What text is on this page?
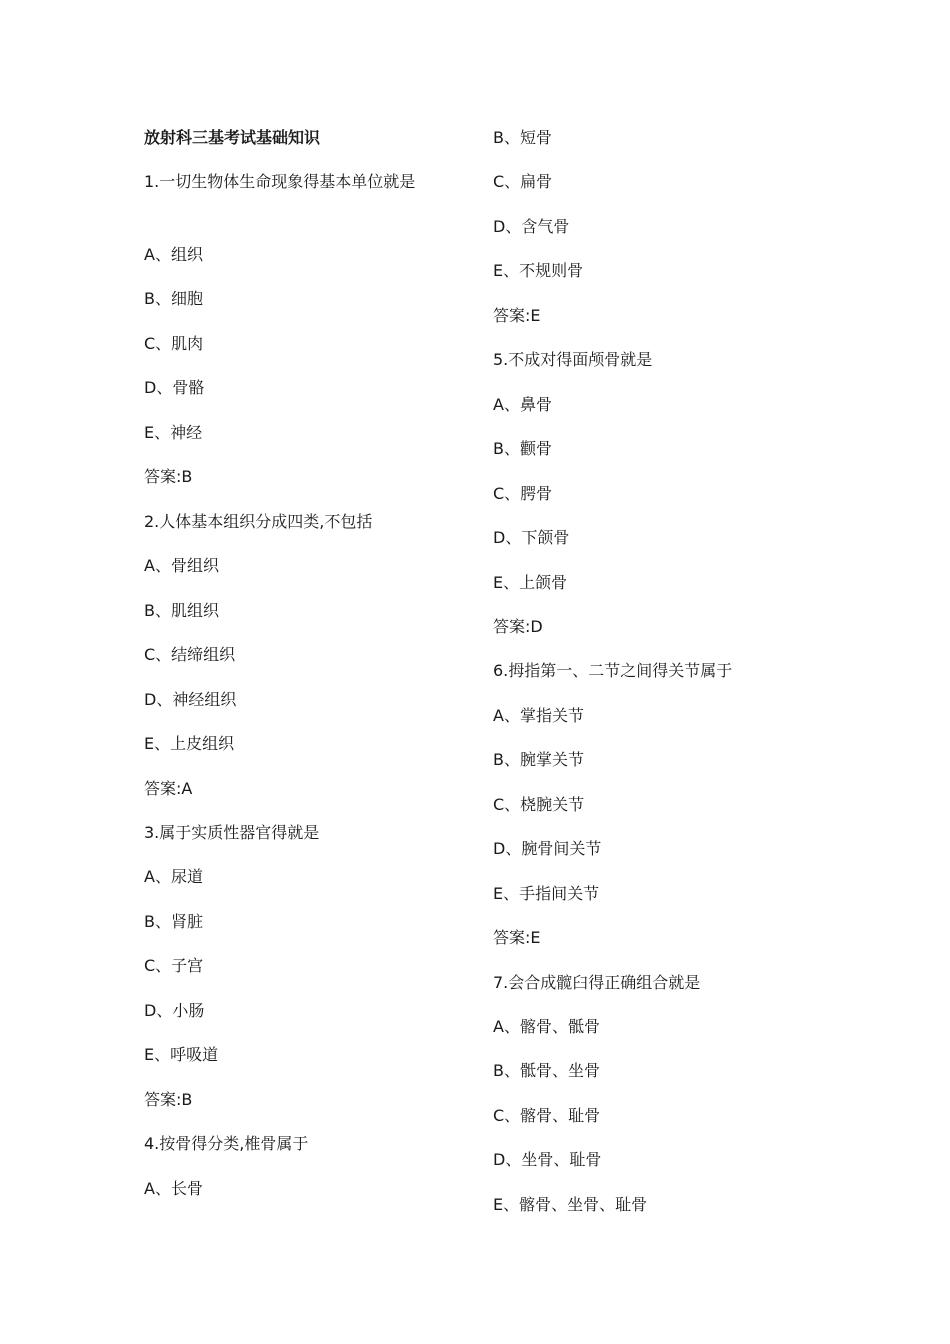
放射科三基考试基础知识
1.一切生物体生命现象得基本单位就是
A、组织
B、细胞
C、肌肉
D、骨骼
E、神经
答案:B
2.人体基本组织分成四类,不包括
A、骨组织
B、肌组织
C、结缔组织
D、神经组织
E、上皮组织
答案:A
3.属于实质性器官得就是
A、尿道
B、肾脏
C、子宫
D、小肠
E、呼吸道
答案:B
4.按骨得分类,椎骨属于
A、长骨
B、短骨
C、扁骨
D、含气骨
E、不规则骨
答案:E
5.不成对得面颅骨就是
A、鼻骨
B、颧骨
C、腭骨
D、下颌骨
E、上颌骨
答案:D
6.拇指第一、二节之间得关节属于
A、掌指关节
B、腕掌关节
C、桡腕关节
D、腕骨间关节
E、手指间关节
答案:E
7.会合成髋臼得正确组合就是
A、髂骨、骶骨
B、骶骨、坐骨
C、髂骨、耻骨
D、坐骨、耻骨
E、髂骨、坐骨、耻骨
